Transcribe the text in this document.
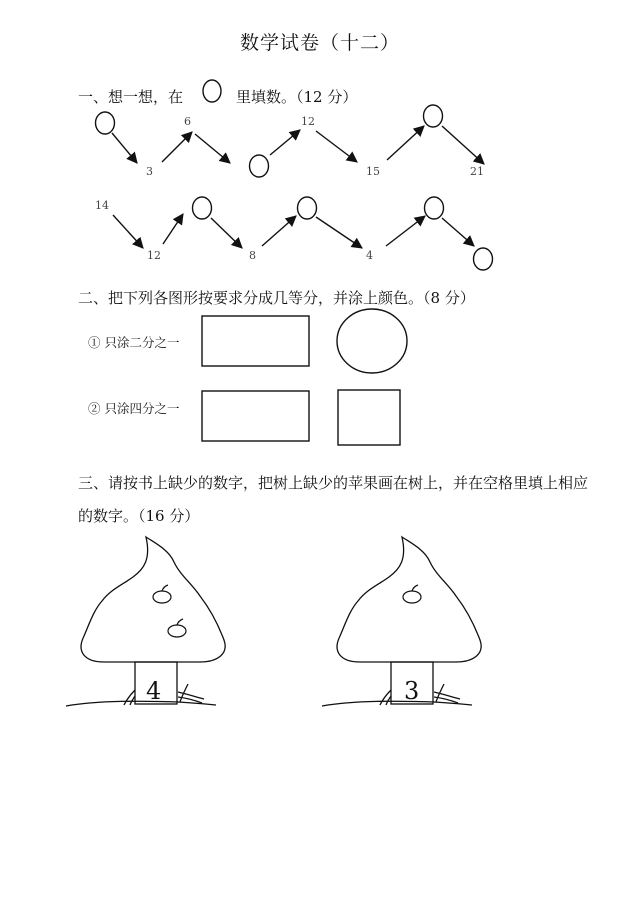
数学试卷（十二）
一、想一想，在	里填数。（12 分）
二、把下列各图形按要求分成几等分，并涂上颜色。（8 分）
① 只涂二分之一
② 只涂四分之一
三、请按书上缺少的数字，把树上缺少的苹果画在树上，并在空格里填上相应
的数字。（16 分）
3
6	12
15	21
14
12	8	4
4	3
